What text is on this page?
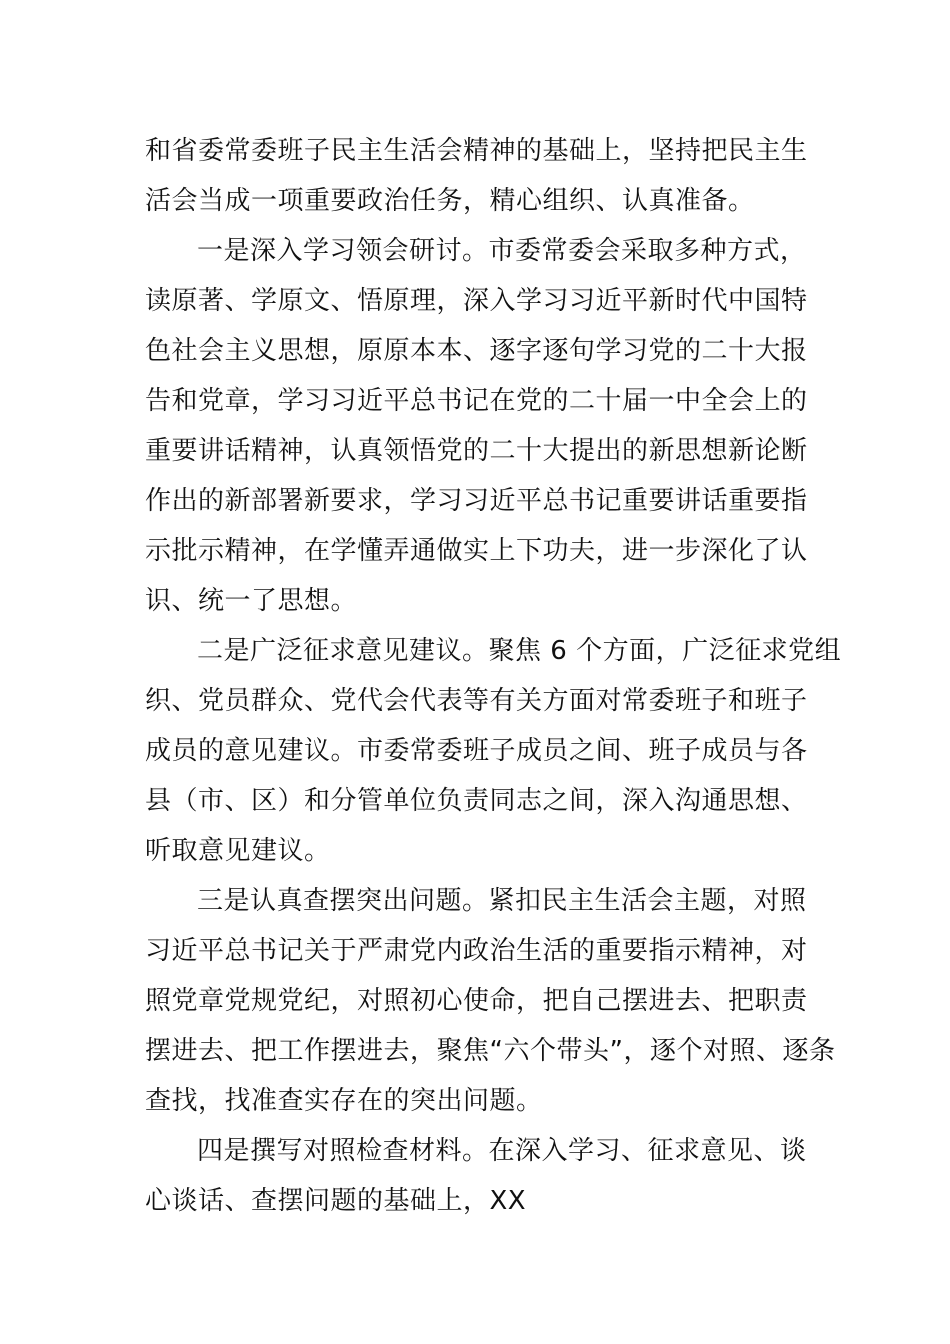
和省委常委班子民主生活会精神的基础上，坚持把民主生
活会当成一项重要政治任务，精心组织、认真准备。
一是深入学习领会研讨。市委常委会采取多种方式，
读原著、学原文、悟原理，深入学习习近平新时代中国特
色社会主义思想，原原本本、逐字逐句学习党的二十大报
告和党章，学习习近平总书记在党的二十届一中全会上的
重要讲话精神，认真领悟党的二十大提出的新思想新论断
作出的新部署新要求，学习习近平总书记重要讲话重要指
示批示精神，在学懂弄通做实上下功夫，进一步深化了认
识、统一了思想。
二是广泛征求意见建议。聚焦 6 个方面，广泛征求党组
织、党员群众、党代会代表等有关方面对常委班子和班子
成员的意见建议。市委常委班子成员之间、班子成员与各
县（市、区）和分管单位负责同志之间，深入沟通思想、
听取意见建议。
三是认真查摆突出问题。紧扣民主生活会主题，对照
习近平总书记关于严肃党内政治生活的重要指示精神，对
照党章党规党纪，对照初心使命，把自己摆进去、把职责
摆进去、把工作摆进去，聚焦“六个带头”，逐个对照、逐条
查找，找准查实存在的突出问题。
四是撰写对照检查材料。在深入学习、征求意见、谈
心谈话、查摆问题的基础上，XX
